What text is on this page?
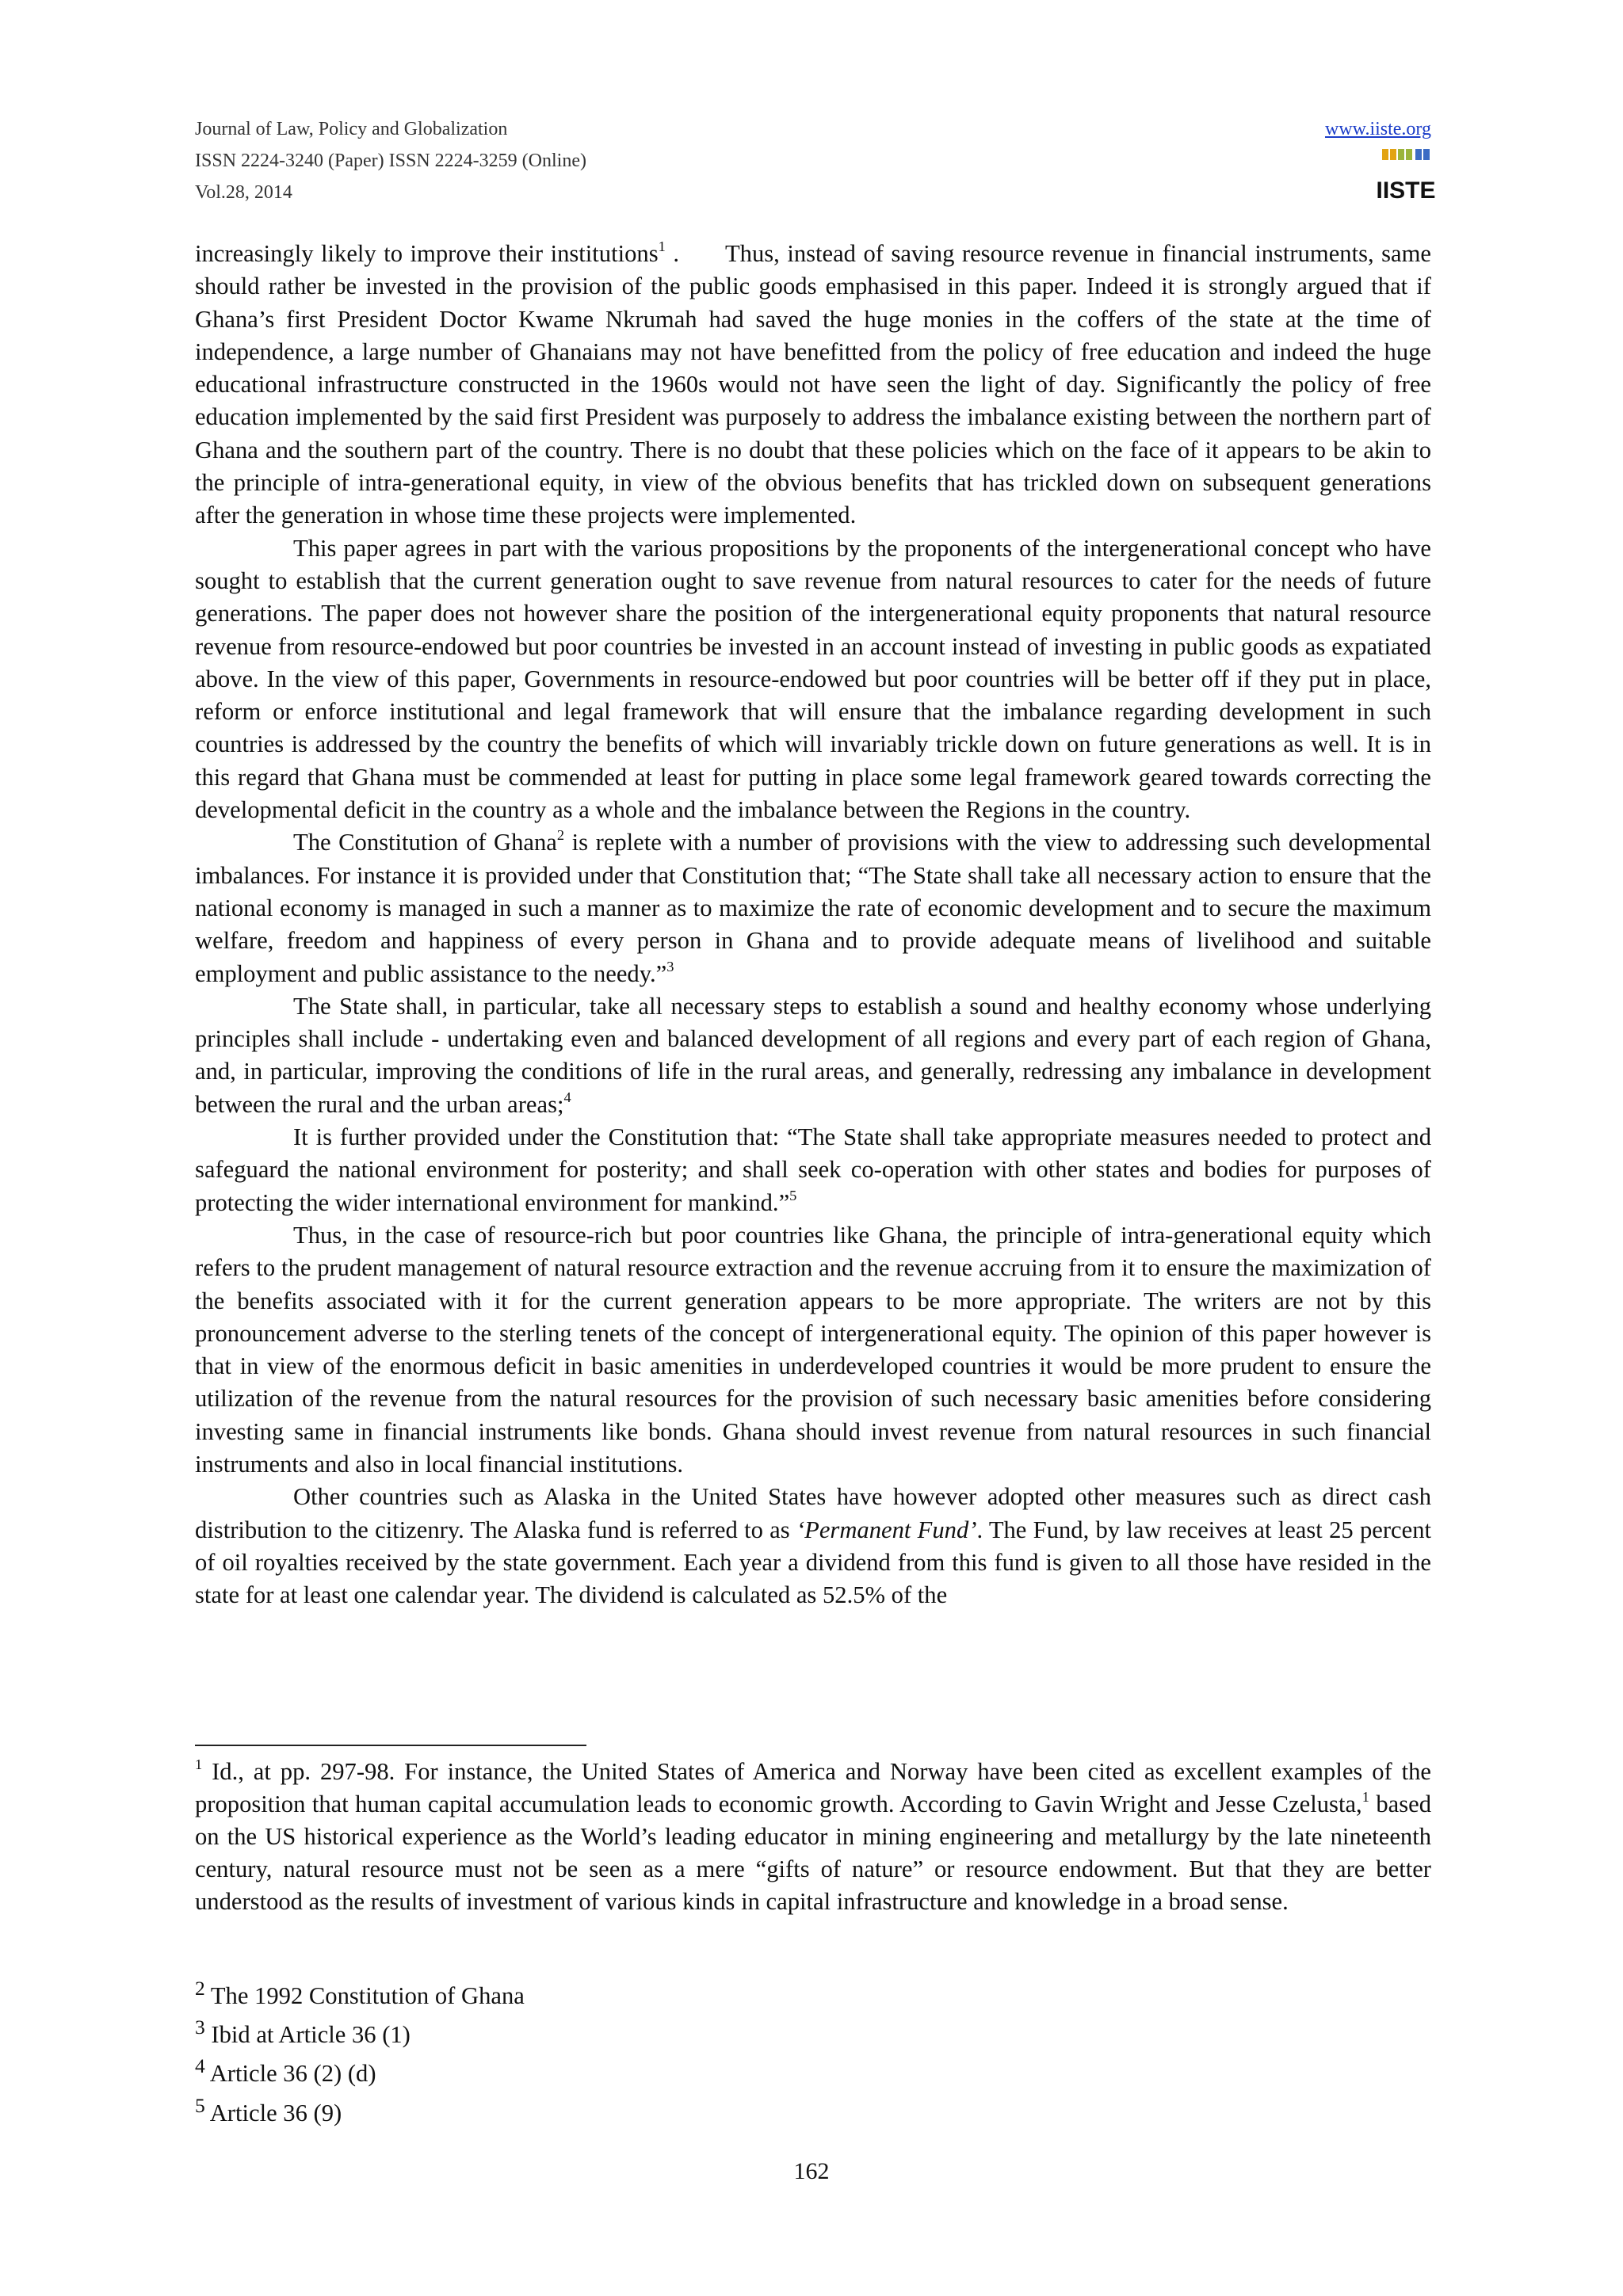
Journal of Law, Policy and Globalization
ISSN 2224-3240 (Paper) ISSN 2224-3259 (Online)
Vol.28, 2014
www.iiste.org
IISTE

increasingly likely to improve their institutions$^1$ . Thus, instead of saving resource revenue in financial instruments, same should rather be invested in the provision of the public goods emphasised in this paper. Indeed it is strongly argued that if Ghana’s first President Doctor Kwame Nkrumah had saved the huge monies in the coffers of the state at the time of independence, a large number of Ghanaians may not have benefitted from the policy of free education and indeed the huge educational infrastructure constructed in the 1960s would not have seen the light of day. Significantly the policy of free education implemented by the said first President was purposely to address the imbalance existing between the northern part of Ghana and the southern part of the country. There is no doubt that these policies which on the face of it appears to be akin to the principle of intra-generational equity, in view of the obvious benefits that has trickled down on subsequent generations after the generation in whose time these projects were implemented.

This paper agrees in part with the various propositions by the proponents of the intergenerational concept who have sought to establish that the current generation ought to save revenue from natural resources to cater for the needs of future generations. The paper does not however share the position of the intergenerational equity proponents that natural resource revenue from resource-endowed but poor countries be invested in an account instead of investing in public goods as expatiated above. In the view of this paper, Governments in resource-endowed but poor countries will be better off if they put in place, reform or enforce institutional and legal framework that will ensure that the imbalance regarding development in such countries is addressed by the country the benefits of which will invariably trickle down on future generations as well. It is in this regard that Ghana must be commended at least for putting in place some legal framework geared towards correcting the developmental deficit in the country as a whole and the imbalance between the Regions in the country.

The Constitution of Ghana$^2$ is replete with a number of provisions with the view to addressing such developmental imbalances. For instance it is provided under that Constitution that; “The State shall take all necessary action to ensure that the national economy is managed in such a manner as to maximize the rate of economic development and to secure the maximum welfare, freedom and happiness of every person in Ghana and to provide adequate means of livelihood and suitable employment and public assistance to the needy.”$^3$

The State shall, in particular, take all necessary steps to establish a sound and healthy economy whose underlying principles shall include - undertaking even and balanced development of all regions and every part of each region of Ghana, and, in particular, improving the conditions of life in the rural areas, and generally, redressing any imbalance in development between the rural and the urban areas;$^4$

It is further provided under the Constitution that: “The State shall take appropriate measures needed to protect and safeguard the national environment for posterity; and shall seek co-operation with other states and bodies for purposes of protecting the wider international environment for mankind.”$^5$

Thus, in the case of resource-rich but poor countries like Ghana, the principle of intra-generational equity which refers to the prudent management of natural resource extraction and the revenue accruing from it to ensure the maximization of the benefits associated with it for the current generation appears to be more appropriate. The writers are not by this pronouncement adverse to the sterling tenets of the concept of intergenerational equity. The opinion of this paper however is that in view of the enormous deficit in basic amenities in underdeveloped countries it would be more prudent to ensure the utilization of the revenue from the natural resources for the provision of such necessary basic amenities before considering investing same in financial instruments like bonds. Ghana should invest revenue from natural resources in such financial instruments and also in local financial institutions.

Other countries such as Alaska in the United States have however adopted other measures such as direct cash distribution to the citizenry. The Alaska fund is referred to as ‘Permanent Fund’. The Fund, by law receives at least 25 percent of oil royalties received by the state government. Each year a dividend from this fund is given to all those have resided in the state for at least one calendar year. The dividend is calculated as 52.5% of the

$^1$ Id., at pp. 297-98. For instance, the United States of America and Norway have been cited as excellent examples of the proposition that human capital accumulation leads to economic growth. According to Gavin Wright and Jesse Czelusta,$^1$ based on the US historical experience as the World’s leading educator in mining engineering and metallurgy by the late nineteenth century, natural resource must not be seen as a mere “gifts of nature” or resource endowment. But that they are better understood as the results of investment of various kinds in capital infrastructure and knowledge in a broad sense.

$^2$ The 1992 Constitution of Ghana
$^3$ Ibid at Article 36 (1)
$^4$ Article 36 (2) (d)
$^5$ Article 36 (9)
162
